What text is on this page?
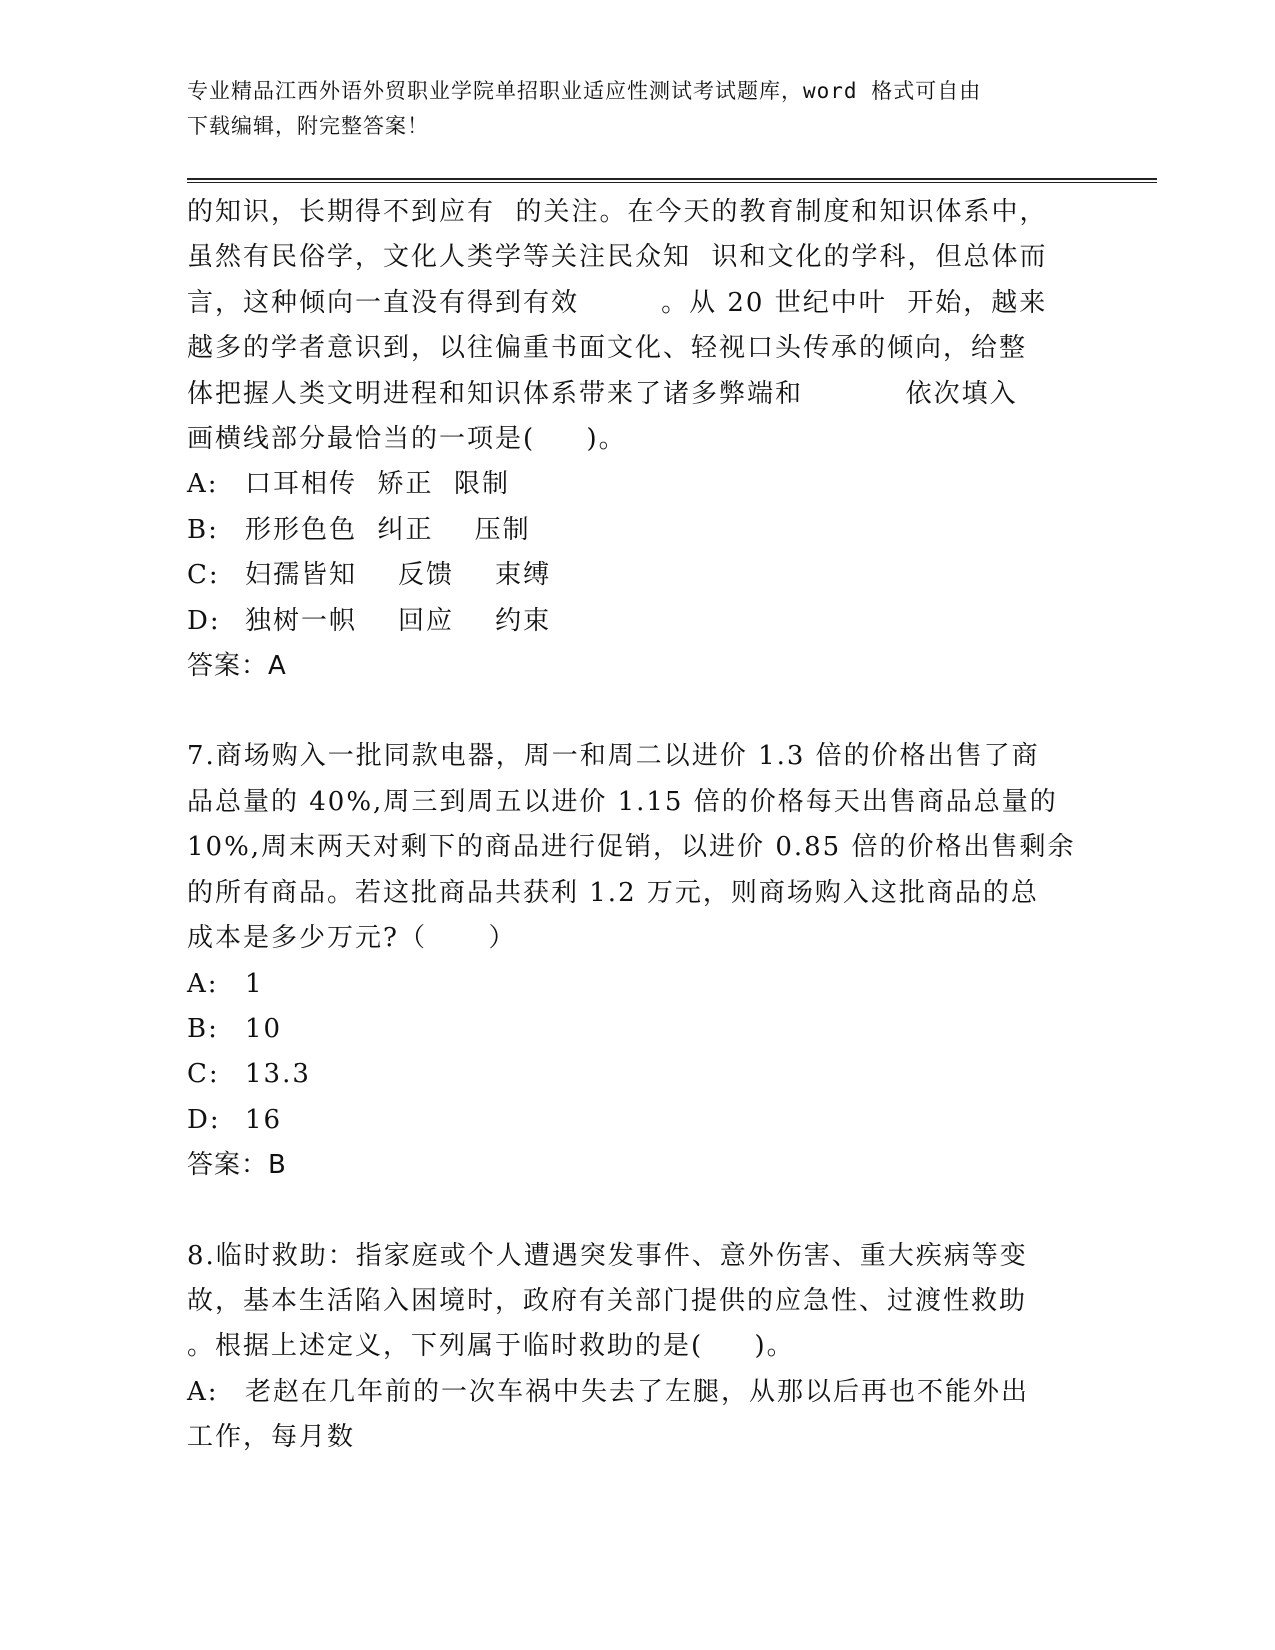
专业精品江西外语外贸职业学院单招职业适应性测试考试题库，word 格式可自由
下载编辑，附完整答案！
的知识，长期得不到应有  的关注。在今天的教育制度和知识体系中，
虽然有民俗学，文化人类学等关注民众知  识和文化的学科，但总体而
言，这种倾向一直没有得到有效        。从 20 世纪中叶  开始，越来
越多的学者意识到，以往偏重书面文化、轻视口头传承的倾向，给整
体把握人类文明进程和知识体系带来了诸多弊端和          依次填入
画横线部分最恰当的一项是(     )。
A: 口耳相传  矫正  限制
B: 形形色色  纠正    压制
C: 妇孺皆知    反馈    束缚
D: 独树一帜    回应    约束
答案：A
7.商场购入一批同款电器，周一和周二以进价 1.3 倍的价格出售了商
品总量的 40%,周三到周五以进价 1.15 倍的价格每天出售商品总量的
10%,周末两天对剩下的商品进行促销，以进价 0.85 倍的价格出售剩余
的所有商品。若这批商品共获利 1.2 万元，则商场购入这批商品的总
成本是多少万元?（      ）
A: 1
B: 10
C: 13.3
D: 16
答案：B
8.临时救助：指家庭或个人遭遇突发事件、意外伤害、重大疾病等变
故，基本生活陷入困境时，政府有关部门提供的应急性、过渡性救助
。根据上述定义，下列属于临时救助的是(     )。
A: 老赵在几年前的一次车祸中失去了左腿，从那以后再也不能外出
工作，每月数
